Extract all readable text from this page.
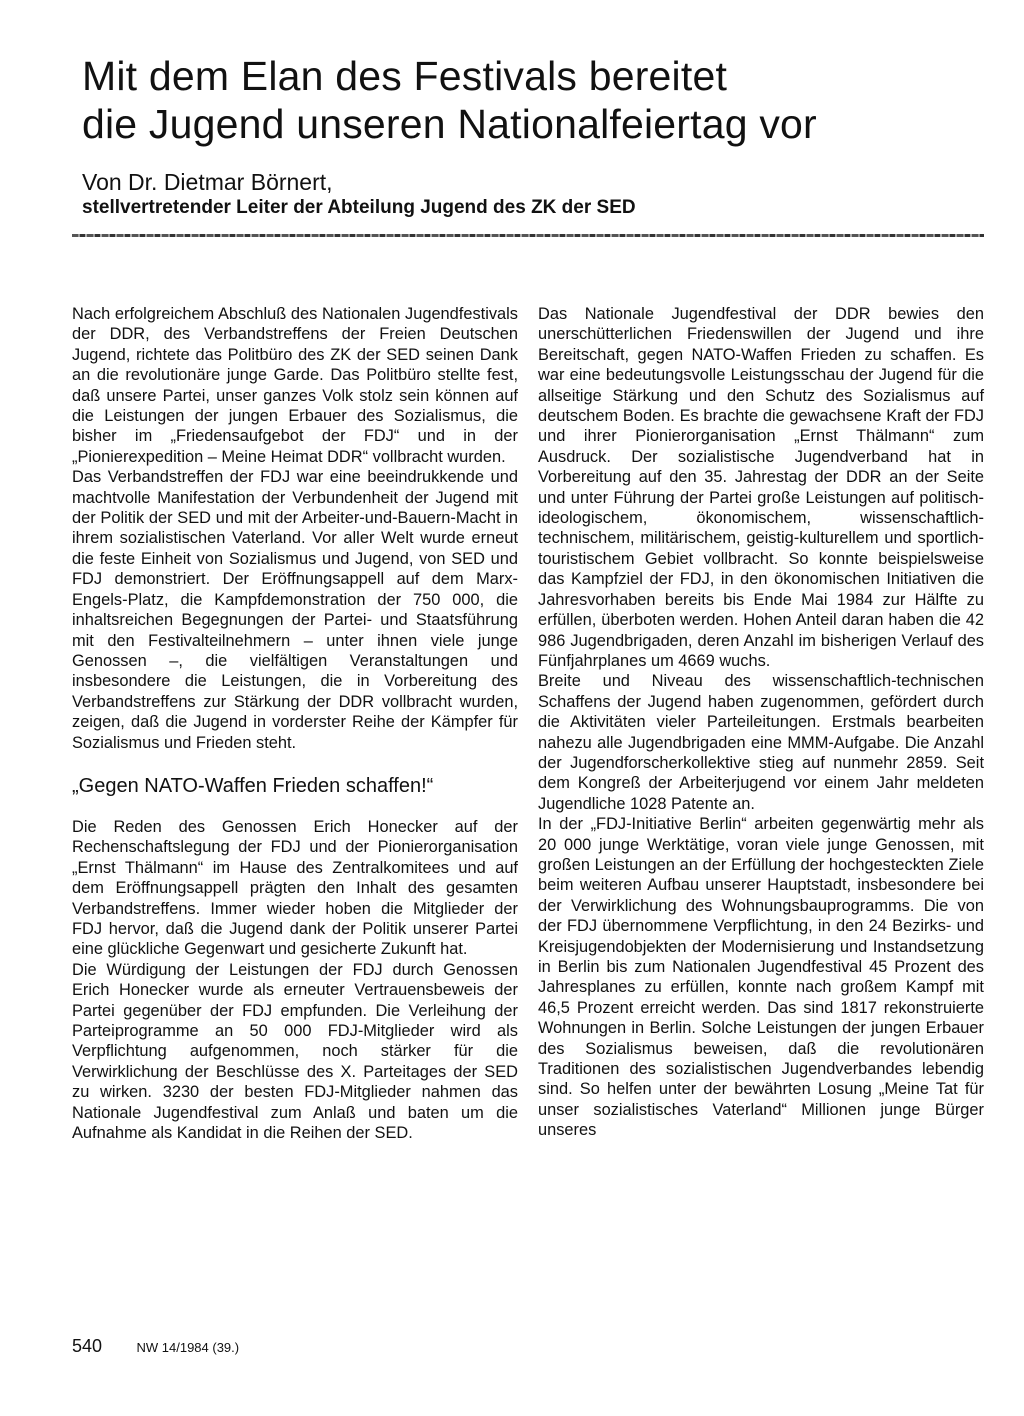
Mit dem Elan des Festivals bereitet
die Jugend unseren Nationalfeiertag vor
Von Dr. Dietmar Börnert,
stellvertretender Leiter der Abteilung Jugend des ZK der SED

Nach erfolgreichem Abschluß des Nationalen Jugendfestivals der DDR, des Verbandstreffens der Freien Deutschen Jugend, richtete das Politbüro des ZK der SED seinen Dank an die revolutionäre junge Garde. Das Politbüro stellte fest, daß unsere Partei, unser ganzes Volk stolz sein können auf die Leistungen der jungen Erbauer des Sozialismus, die bisher im „Friedensaufgebot der FDJ“ und in der „Pionierexpedition – Meine Heimat DDR“ vollbracht wurden.

Das Verbandstreffen der FDJ war eine beeindrukkende und machtvolle Manifestation der Verbundenheit der Jugend mit der Politik der SED und mit der Arbeiter-und-Bauern-Macht in ihrem sozialistischen Vaterland. Vor aller Welt wurde erneut die feste Einheit von Sozialismus und Jugend, von SED und FDJ demonstriert. Der Eröffnungsappell auf dem Marx-Engels-Platz, die Kampfdemonstration der 750 000, die inhaltsreichen Begegnungen der Partei- und Staatsführung mit den Festivalteilnehmern – unter ihnen viele junge Genossen –, die vielfältigen Veranstaltungen und insbesondere die Leistungen, die in Vorbereitung des Verbandstreffens zur Stärkung der DDR vollbracht wurden, zeigen, daß die Jugend in vorderster Reihe der Kämpfer für Sozialismus und Frieden steht.

„Gegen NATO-Waffen Frieden schaffen!“

Die Reden des Genossen Erich Honecker auf der Rechenschaftslegung der FDJ und der Pionierorganisation „Ernst Thälmann“ im Hause des Zentralkomitees und auf dem Eröffnungsappell prägten den Inhalt des gesamten Verbandstreffens. Immer wieder hoben die Mitglieder der FDJ hervor, daß die Jugend dank der Politik unserer Partei eine glückliche Gegenwart und gesicherte Zukunft hat.

Die Würdigung der Leistungen der FDJ durch Genossen Erich Honecker wurde als erneuter Vertrauensbeweis der Partei gegenüber der FDJ empfunden. Die Verleihung der Parteiprogramme an 50 000 FDJ-Mitglieder wird als Verpflichtung aufgenommen, noch stärker für die Verwirklichung der Beschlüsse des X. Parteitages der SED zu wirken. 3230 der besten FDJ-Mitglieder nahmen das Nationale Jugendfestival zum Anlaß und baten um die Aufnahme als Kandidat in die Reihen der SED.

Das Nationale Jugendfestival der DDR bewies den unerschütterlichen Friedenswillen der Jugend und ihre Bereitschaft, gegen NATO-Waffen Frieden zu schaffen. Es war eine bedeutungsvolle Leistungsschau der Jugend für die allseitige Stärkung und den Schutz des Sozialismus auf deutschem Boden. Es brachte die gewachsene Kraft der FDJ und ihrer Pionierorganisation „Ernst Thälmann“ zum Ausdruck. Der sozialistische Jugendverband hat in Vorbereitung auf den 35. Jahrestag der DDR an der Seite und unter Führung der Partei große Leistungen auf politisch-ideologischem, ökonomischem, wissenschaftlich-technischem, militärischem, geistig-kulturellem und sportlich-touristischem Gebiet vollbracht. So konnte beispielsweise das Kampfziel der FDJ, in den ökonomischen Initiativen die Jahresvorhaben bereits bis Ende Mai 1984 zur Hälfte zu erfüllen, überboten werden. Hohen Anteil daran haben die 42 986 Jugendbrigaden, deren Anzahl im bisherigen Verlauf des Fünfjahrplanes um 4669 wuchs.

Breite und Niveau des wissenschaftlich-technischen Schaffens der Jugend haben zugenommen, gefördert durch die Aktivitäten vieler Parteileitungen. Erstmals bearbeiten nahezu alle Jugendbrigaden eine MMM-Aufgabe. Die Anzahl der Jugendforscherkollektive stieg auf nunmehr 2859. Seit dem Kongreß der Arbeiterjugend vor einem Jahr meldeten Jugendliche 1028 Patente an.

In der „FDJ-Initiative Berlin“ arbeiten gegenwärtig mehr als 20 000 junge Werktätige, voran viele junge Genossen, mit großen Leistungen an der Erfüllung der hochgesteckten Ziele beim weiteren Aufbau unserer Hauptstadt, insbesondere bei der Verwirklichung des Wohnungsbauprogramms. Die von der FDJ übernommene Verpflichtung, in den 24 Bezirks- und Kreisjugendobjekten der Modernisierung und Instandsetzung in Berlin bis zum Nationalen Jugendfestival 45 Prozent des Jahresplanes zu erfüllen, konnte nach großem Kampf mit 46,5 Prozent erreicht werden. Das sind 1817 rekonstruierte Wohnungen in Berlin. Solche Leistungen der jungen Erbauer des Sozialismus beweisen, daß die revolutionären Traditionen des sozialistischen Jugendverbandes lebendig sind. So helfen unter der bewährten Losung „Meine Tat für unser sozialistisches Vaterland“ Millionen junge Bürger unseres

540	NW 14/1984 (39.)
